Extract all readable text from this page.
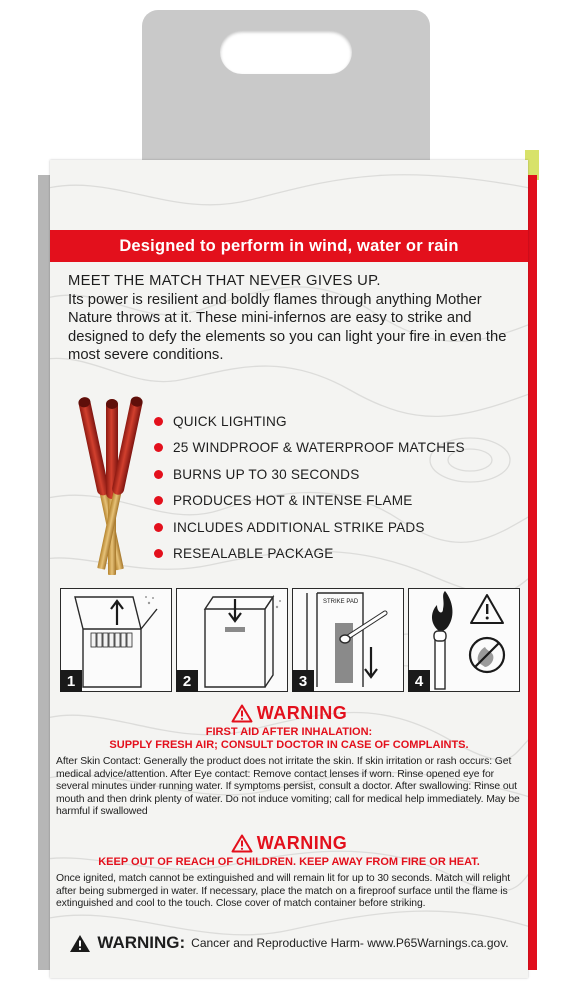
Designed to perform in wind, water or rain
MEET THE MATCH THAT NEVER GIVES UP.
Its power is resilient and boldly flames through anything Mother Nature throws at it. These mini-infernos are easy to strike and designed to defy the elements so you can light your fire in even the most severe conditions.
QUICK LIGHTING
25 WINDPROOF & WATERPROOF MATCHES
BURNS UP TO 30 SECONDS
PRODUCES HOT & INTENSE FLAME
INCLUDES ADDITIONAL STRIKE PADS
RESEALABLE PACKAGE
1	2
STRIKE PAD
3	4
WARNING
FIRST AID AFTER INHALATION:
SUPPLY FRESH AIR; CONSULT DOCTOR IN CASE OF COMPLAINTS.
After Skin Contact: Generally the product does not irritate the skin. If skin irritation or rash occurs: Get medical advice/attention. After Eye contact: Remove contact lenses if worn. Rinse opened eye for several minutes under running water. If symptoms persist, consult a doctor. After swallowing: Rinse out mouth and then drink plenty of water. Do not induce vomiting; call for medical help immediately. May be harmful if swallowed
WARNING
KEEP OUT OF REACH OF CHILDREN. KEEP AWAY FROM FIRE OR HEAT.
Once ignited, match cannot be extinguished and will remain lit for up to 30 seconds. Match will relight after being submerged in water. If necessary, place the match on a fireproof surface until the flame is extinguished and cool to the touch. Close cover of match container before striking.
WARNING: Cancer and Reproductive Harm- www.P65Warnings.ca.gov.
